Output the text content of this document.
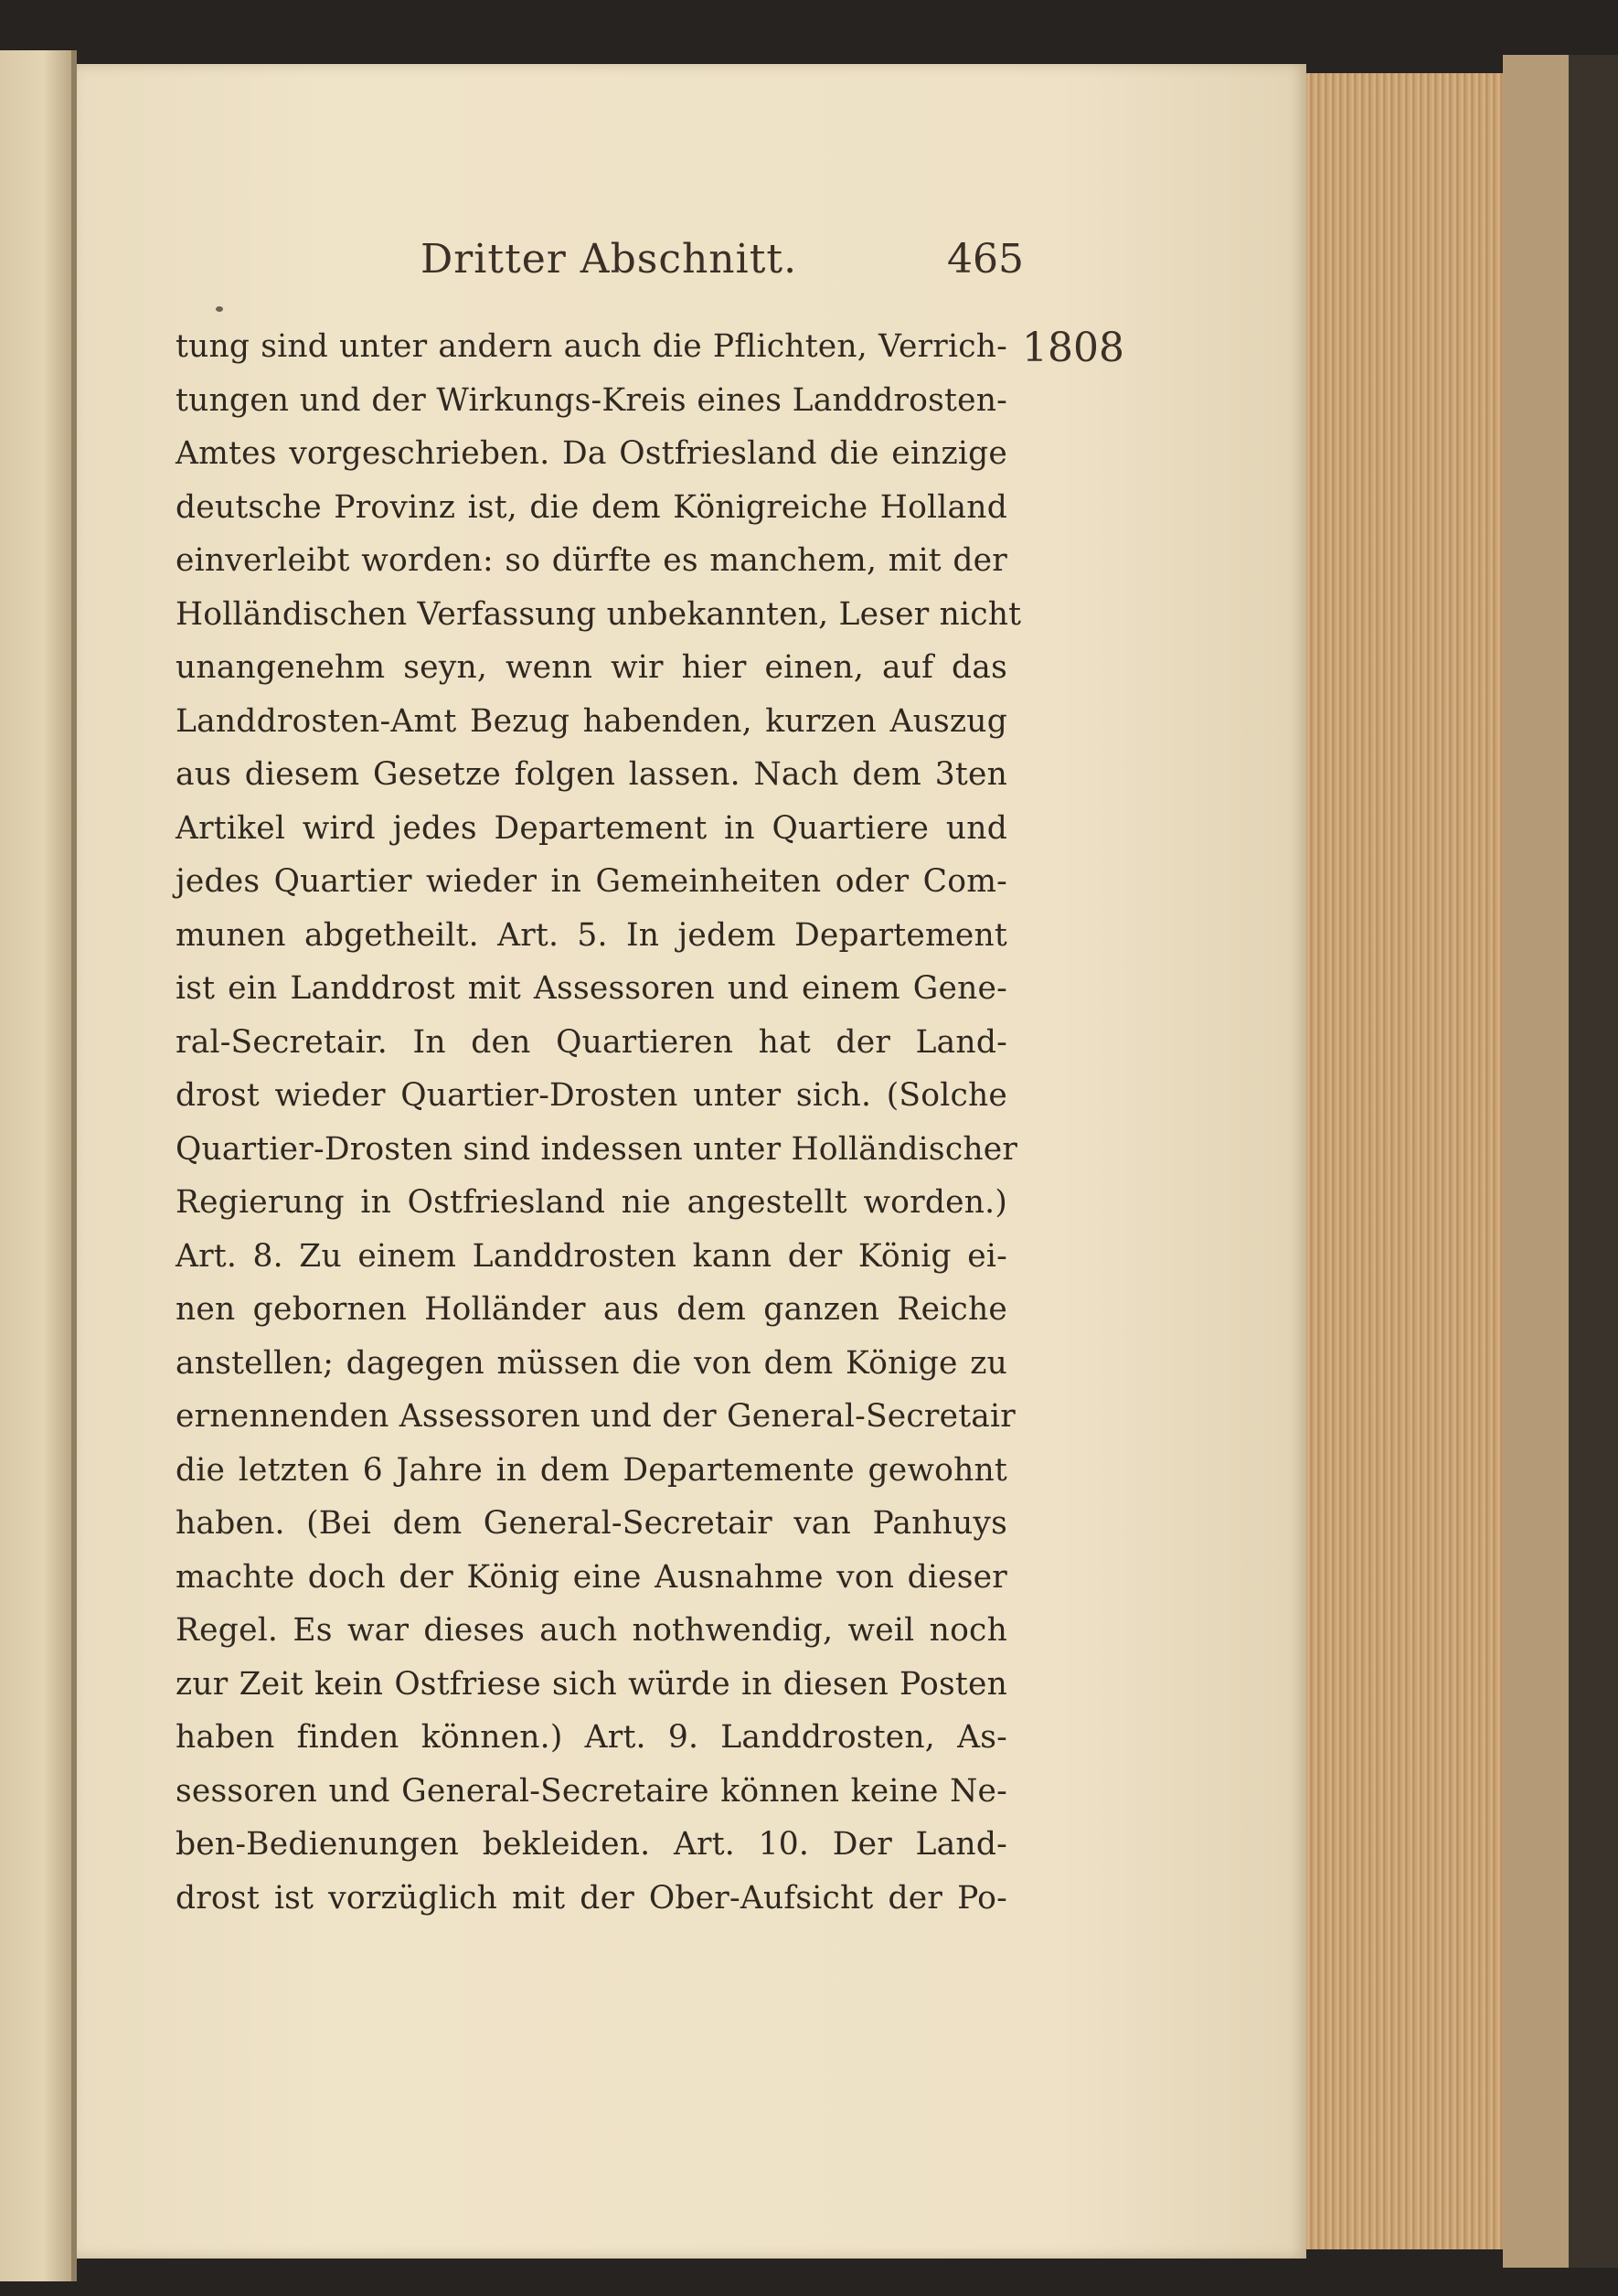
Dritter Abschnitt.	465
1808
tung sind unter andern auch die Pflichten, Verrich-
tungen und der Wirkungs-Kreis eines Landdrosten-
Amtes vorgeschrieben. Da Ostfriesland die einzige
deutsche Provinz ist, die dem Königreiche Holland
einverleibt worden: so dürfte es manchem, mit der
Holländischen Verfassung unbekannten, Leser nicht
unangenehm seyn, wenn wir hier einen, auf das
Landdrosten-Amt Bezug habenden, kurzen Auszug
aus diesem Gesetze folgen lassen. Nach dem 3ten
Artikel wird jedes Departement in Quartiere und
jedes Quartier wieder in Gemeinheiten oder Com-
munen abgetheilt. Art. 5. In jedem Departement
ist ein Landdrost mit Assessoren und einem Gene-
ral-Secretair. In den Quartieren hat der Land-
drost wieder Quartier-Drosten unter sich. (Solche
Quartier-Drosten sind indessen unter Holländischer
Regierung in Ostfriesland nie angestellt worden.)
Art. 8. Zu einem Landdrosten kann der König ei-
nen gebornen Holländer aus dem ganzen Reiche
anstellen; dagegen müssen die von dem Könige zu
ernennenden Assessoren und der General-Secretair
die letzten 6 Jahre in dem Departemente gewohnt
haben. (Bei dem General-Secretair van Panhuys
machte doch der König eine Ausnahme von dieser
Regel. Es war dieses auch nothwendig, weil noch
zur Zeit kein Ostfriese sich würde in diesen Posten
haben finden können.) Art. 9. Landdrosten, As-
sessoren und General-Secretaire können keine Ne-
ben-Bedienungen bekleiden. Art. 10. Der Land-
drost ist vorzüglich mit der Ober-Aufsicht der Po-
